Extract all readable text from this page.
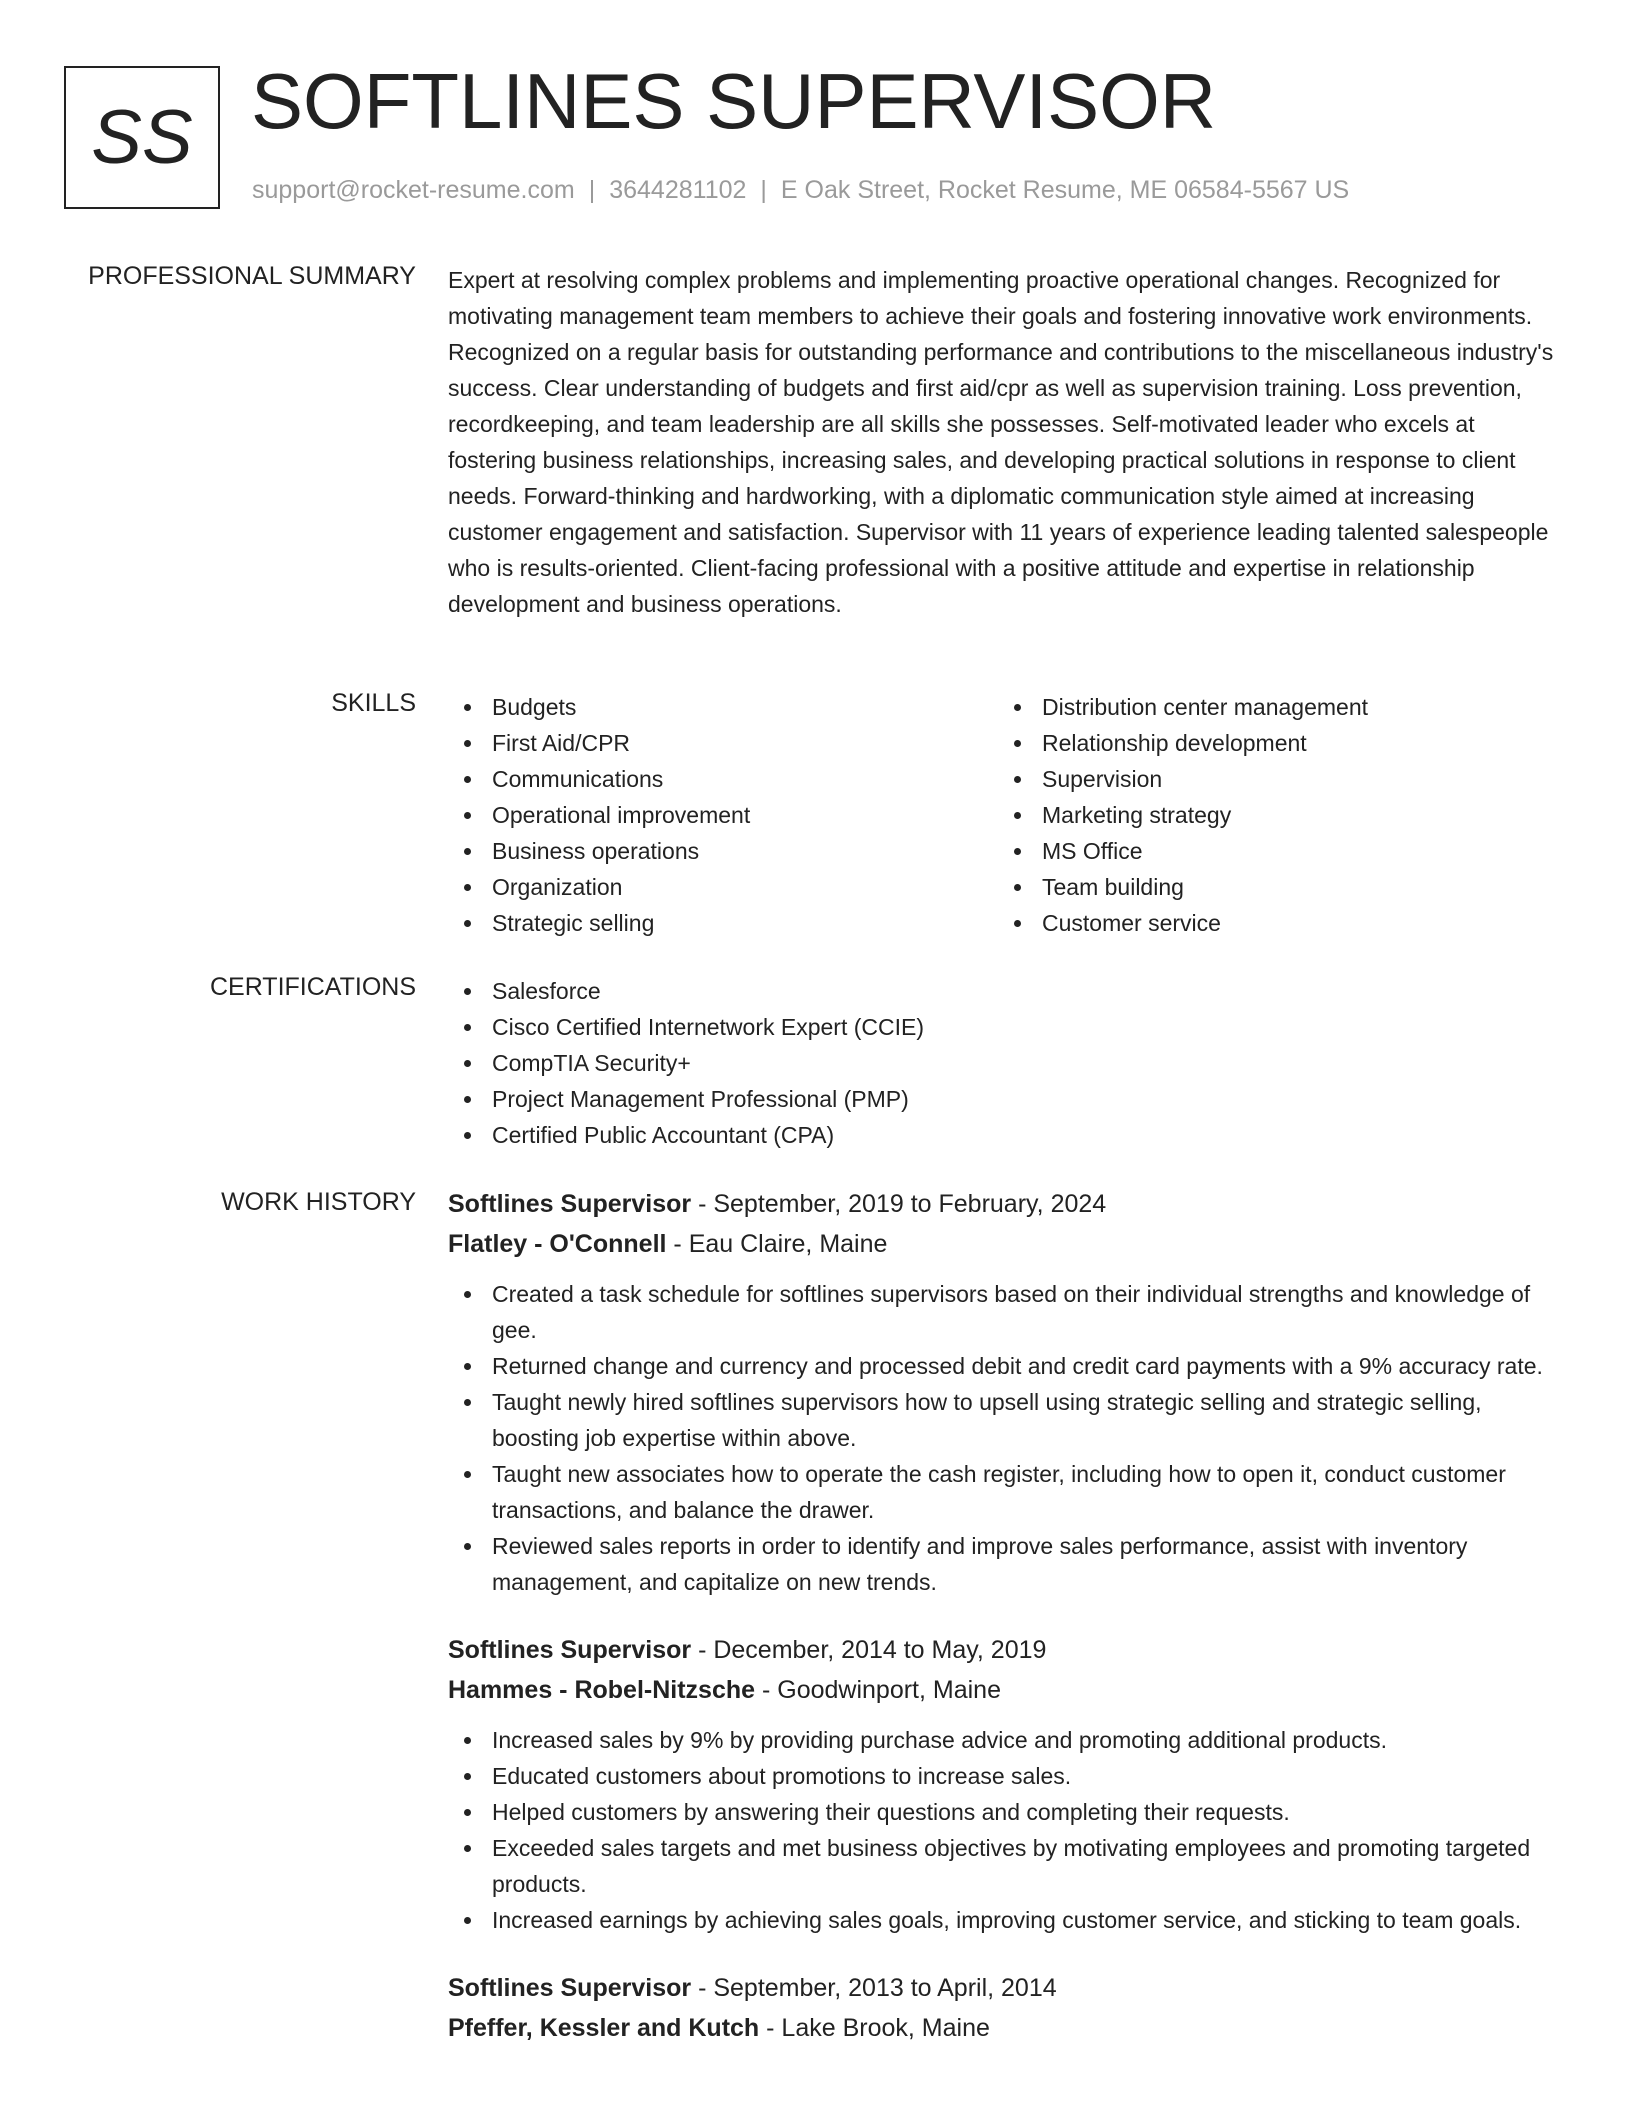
SS SOFTLINES SUPERVISOR
support@rocket-resume.com | 3644281102 | E Oak Street, Rocket Resume, ME 06584-5567 US
PROFESSIONAL SUMMARY Expert at resolving complex problems and implementing proactive operational changes. Recognized for motivating management team members to achieve their goals and fostering innovative work environments. Recognized on a regular basis for outstanding performance and contributions to the miscellaneous industry's success. Clear understanding of budgets and first aid/cpr as well as supervision training. Loss prevention, recordkeeping, and team leadership are all skills she possesses. Self-motivated leader who excels at fostering business relationships, increasing sales, and developing practical solutions in response to client needs. Forward-thinking and hardworking, with a diplomatic communication style aimed at increasing customer engagement and satisfaction. Supervisor with 11 years of experience leading talented salespeople who is results-oriented. Client-facing professional with a positive attitude and expertise in relationship development and business operations.
SKILLS	Budgets
First Aid/CPR
Communications
Operational improvement
Business operations
Organization
Strategic selling
Distribution center management
Relationship development
Supervision
Marketing strategy
MS Office
Team building
Customer service
CERTIFICATIONS	Salesforce
Cisco Certified Internetwork Expert (CCIE)
CompTIA Security+
Project Management Professional (PMP)
Certified Public Accountant (CPA)
WORK HISTORY Softlines Supervisor - September, 2019 to February, 2024
Flatley - O'Connell - Eau Claire, Maine
Created a task schedule for softlines supervisors based on their individual strengths and knowledge of gee.
Returned change and currency and processed debit and credit card payments with a 9% accuracy rate.
Taught newly hired softlines supervisors how to upsell using strategic selling and strategic selling, boosting job expertise within above.
Taught new associates how to operate the cash register, including how to open it, conduct customer transactions, and balance the drawer.
Reviewed sales reports in order to identify and improve sales performance, assist with inventory management, and capitalize on new trends.
Softlines Supervisor - December, 2014 to May, 2019
Hammes - Robel-Nitzsche - Goodwinport, Maine
Increased sales by 9% by providing purchase advice and promoting additional products.
Educated customers about promotions to increase sales.
Helped customers by answering their questions and completing their requests.
Exceeded sales targets and met business objectives by motivating employees and promoting targeted products.
Increased earnings by achieving sales goals, improving customer service, and sticking to team goals.
Softlines Supervisor - September, 2013 to April, 2014
Pfeffer, Kessler and Kutch - Lake Brook, Maine
